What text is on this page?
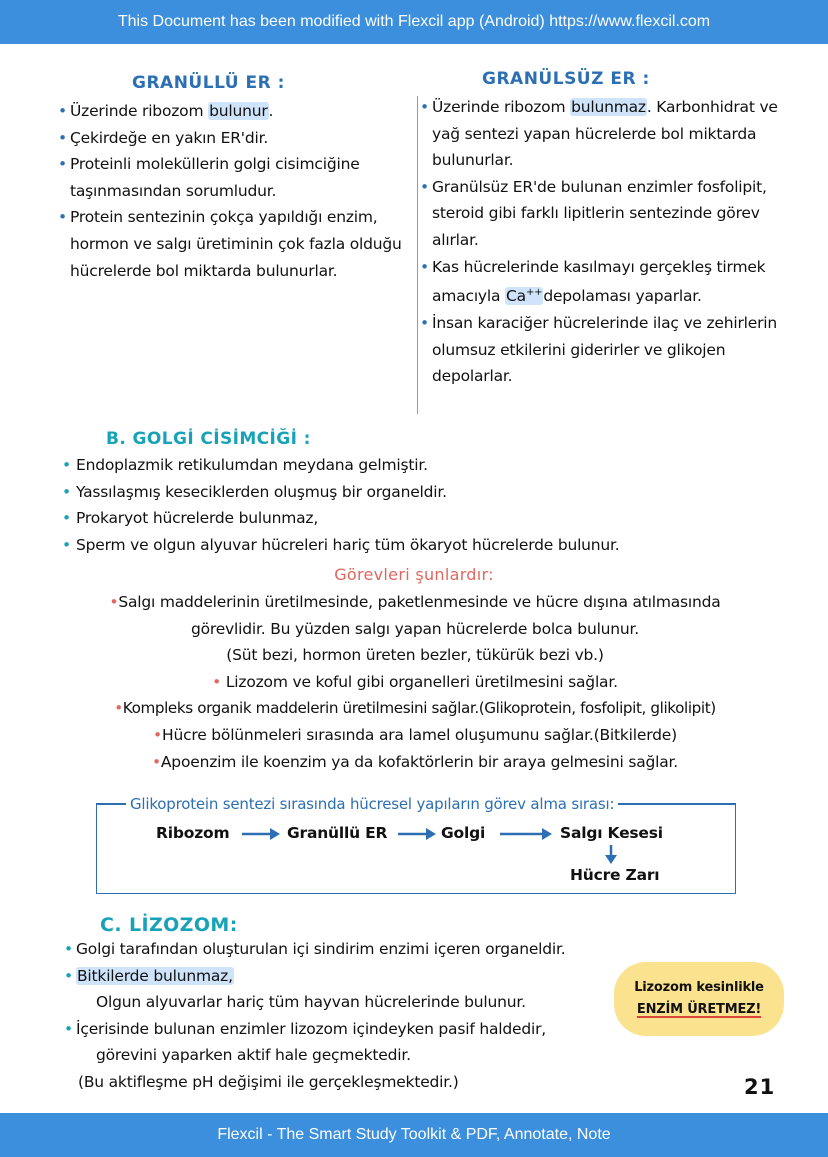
This Document has been modified with Flexcil app (Android) https://www.flexcil.com
GRANÜLLÜ ER :
• Üzerinde ribozom bulunur.
• Çekirdeğe en yakın ER'dir.
• Proteinli moleküllerin golgi cisimciğine taşınmasından sorumludur.
• Protein sentezinin çokça yapıldığı enzim, hormon ve salgı üretiminin çok fazla olduğu hücrelerde bol miktarda bulunurlar.
GRANÜLSÜZ ER :
• Üzerinde ribozom bulunmaz. Karbonhidrat ve yağ sentezi yapan hücrelerde bol miktarda bulunurlar.
• Granülsüz ER'de bulunan enzimler fosfolipit, steroid gibi farklı lipitlerin sentezinde görev alırlar.
• Kas hücrelerinde kasılmayı gerçekleş tirmek amacıyla Ca++depolaması yaparlar.
• İnsan karaciğer hücrelerinde ilaç ve zehirlerin olumsuz etkilerini giderirler ve glikojen depolarlar.
B. GOLGİ CİSİMCİĞİ :
• Endoplazmik retikulumdan meydana gelmiştir.
• Yassılaşmış keseciklerden oluşmuş bir organeldir.
• Prokaryot hücrelerde bulunmaz,
• Sperm ve olgun alyuvar hücreleri hariç tüm ökaryot hücrelerde bulunur.
Görevleri şunlardır:
•Salgı maddelerinin üretilmesinde, paketlenmesinde ve hücre dışına atılmasında
görevlidir. Bu yüzden salgı yapan hücrelerde bolca bulunur.
(Süt bezi, hormon üreten bezler, tükürük bezi vb.)
• Lizozom ve koful gibi organelleri üretilmesini sağlar.
•Kompleks organik maddelerin üretilmesini sağlar.(Glikoprotein, fosfolipit, glikolipit)
•Hücre bölünmeleri sırasında ara lamel oluşumunu sağlar.(Bitkilerde)
•Apoenzim ile koenzim ya da kofaktörlerin bir araya gelmesini sağlar.
Glikoprotein sentezi sırasında hücresel yapıların görev alma sırası:
Ribozom	Granüllü ER	Golgi	Salgı Kesesi
Hücre Zarı
C. LİZOZOM:
• Golgi tarafından oluşturulan içi sindirim enzimi içeren organeldir.
• Bitkilerde bulunmaz,
Olgun alyuvarlar hariç tüm hayvan hücrelerinde bulunur.
• İçerisinde bulunan enzimler lizozom içindeyken pasif haldedir,
görevini yaparken aktif hale geçmektedir.
(Bu aktifleşme pH değişimi ile gerçekleşmektedir.)
Lizozom kesinlikle
ENZİM ÜRETMEZ!
21
Flexcil - The Smart Study Toolkit & PDF, Annotate, Note
